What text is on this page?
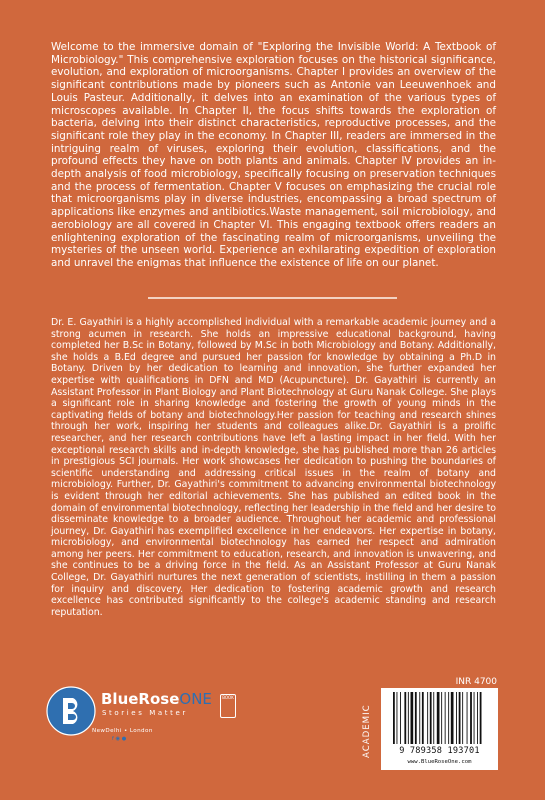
Welcome to the immersive domain of "Exploring the Invisible World: A Textbook of Microbiology." This comprehensive exploration focuses on the historical significance, evolution, and exploration of microorganisms. Chapter I provides an overview of the significant contributions made by pioneers such as Antonie van Leeuwenhoek and Louis Pasteur. Additionally, it delves into an examination of the various types of microscopes available. In Chapter II, the focus shifts towards the exploration of bacteria, delving into their distinct characteristics, reproductive processes, and the significant role they play in the economy. In Chapter III, readers are immersed in the intriguing realm of viruses, exploring their evolution, classifications, and the profound effects they have on both plants and animals. Chapter IV provides an in-depth analysis of food microbiology, specifically focusing on preservation techniques and the process of fermentation. Chapter V focuses on emphasizing the crucial role that microorganisms play in diverse industries, encompassing a broad spectrum of applications like enzymes and antibiotics.Waste management, soil microbiology, and aerobiology are all covered in Chapter VI. This engaging textbook offers readers an enlightening exploration of the fascinating realm of microorganisms, unveiling the mysteries of the unseen world. Experience an exhilarating expedition of exploration and unravel the enigmas that influence the existence of life on our planet.

Dr. E. Gayathiri is a highly accomplished individual with a remarkable academic journey and a strong acumen in research. She holds an impressive educational background, having completed her B.Sc in Botany, followed by M.Sc in both Microbiology and Botany. Additionally, she holds a B.Ed degree and pursued her passion for knowledge by obtaining a Ph.D in Botany. Driven by her dedication to learning and innovation, she further expanded her expertise with qualifications in DFN and MD (Acupuncture). Dr. Gayathiri is currently an Assistant Professor in Plant Biology and Plant Biotechnology at Guru Nanak College. She plays a significant role in sharing knowledge and fostering the growth of young minds in the captivating fields of botany and biotechnology.Her passion for teaching and research shines through her work, inspiring her students and colleagues alike.Dr. Gayathiri is a prolific researcher, and her research contributions have left a lasting impact in her field. With her exceptional research skills and in-depth knowledge, she has published more than 26 articles in prestigious SCI journals. Her work showcases her dedication to pushing the boundaries of scientific understanding and addressing critical issues in the realm of botany and microbiology. Further, Dr. Gayathiri's commitment to advancing environmental biotechnology is evident through her editorial achievements. She has published an edited book in the domain of environmental biotechnology, reflecting her leadership in the field and her desire to disseminate knowledge to a broader audience. Throughout her academic and professional journey, Dr. Gayathiri has exemplified excellence in her endeavors. Her expertise in botany, microbiology, and environmental biotechnology has earned her respect and admiration among her peers. Her commitment to education, research, and innovation is unwavering, and she continues to be a driving force in the field. As an Assistant Professor at Guru Nanak College, Dr. Gayathiri nurtures the next generation of scientists, instilling in them a passion for inquiry and discovery. Her dedication to fostering academic growth and research excellence has contributed significantly to the college's academic standing and research reputation.

BlueRoseONE
Stories Matter
BOOK
NewDelhi • London
f ◉ ●	ACADEMIC
INR 4700
9 789358 193701
www.BlueRoseOne.com
